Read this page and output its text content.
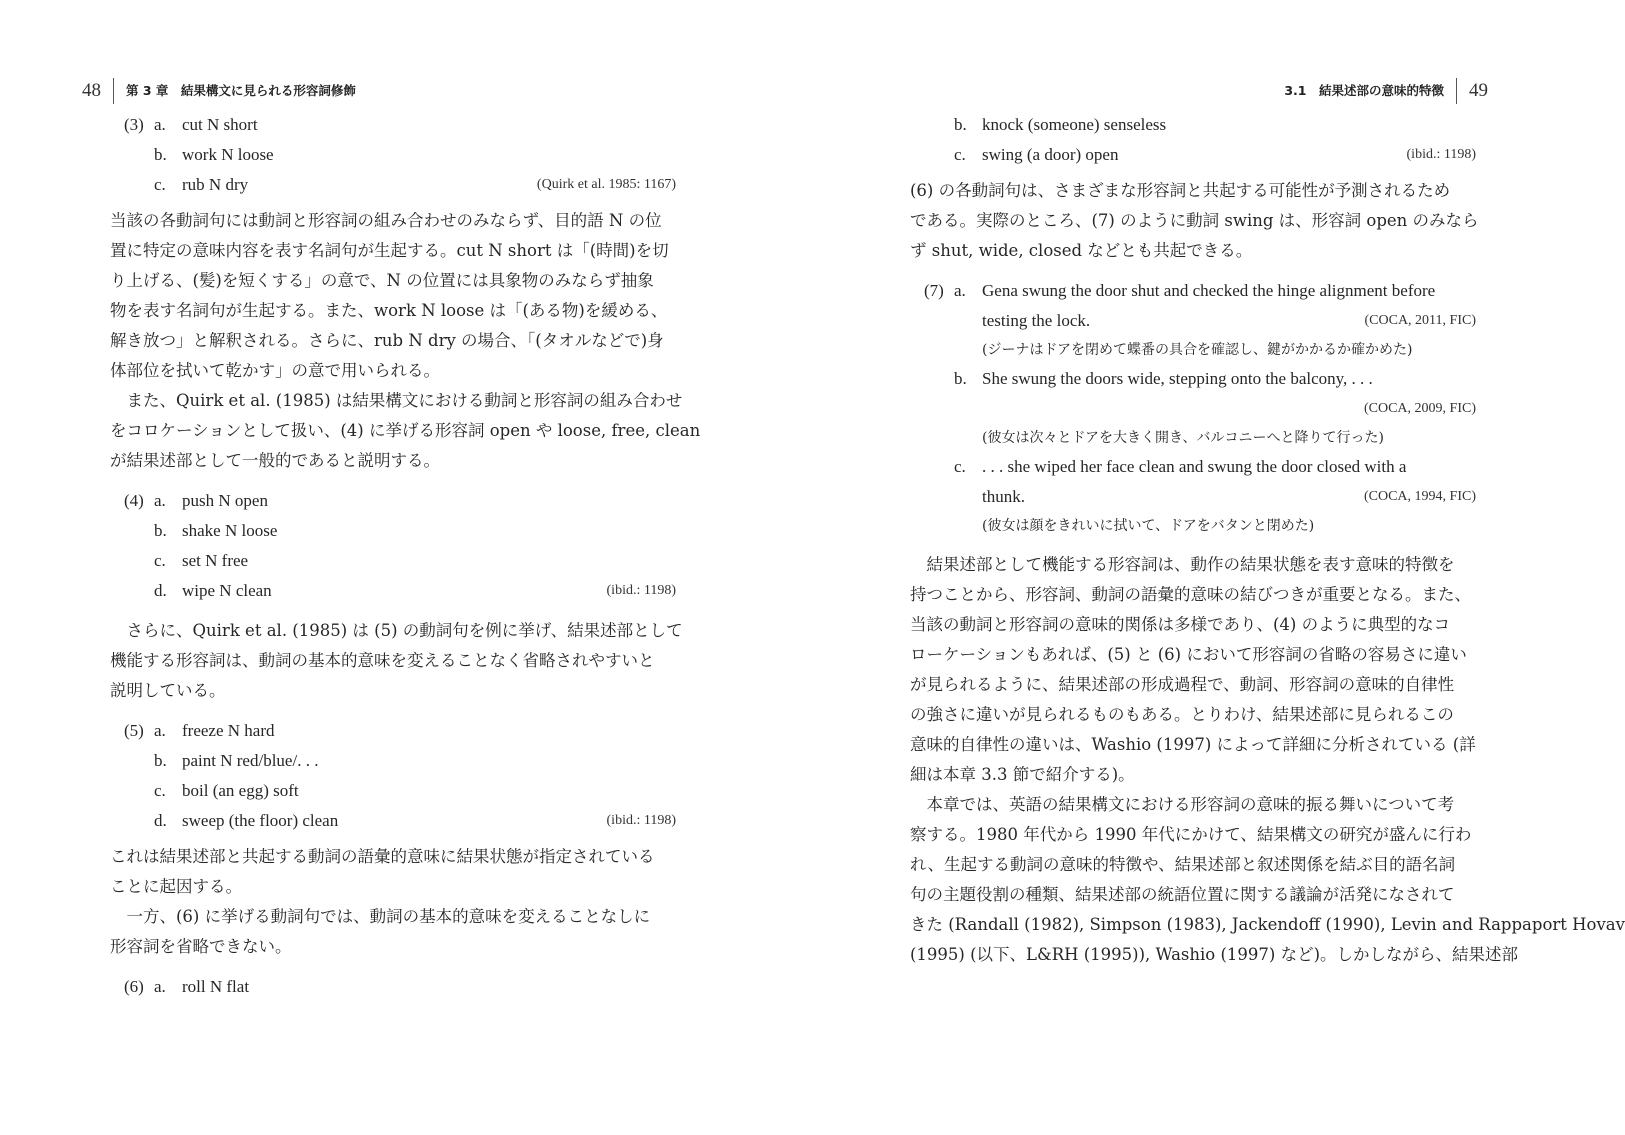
48 第 3 章　結果構文に見られる形容詞修飾
(3) a. cut N short
b. work N loose
c. rub N dry	(Quirk et al. 1985: 1167)

当該の各動詞句には動詞と形容詞の組み合わせのみならず、目的語 N の位

置に特定の意味内容を表す名詞句が生起する。cut N short は「(時間)を切

り上げる、(髪)を短くする」の意で、N の位置には具象物のみならず抽象

物を表す名詞句が生起する。また、work N loose は「(ある物)を緩める、

解き放つ」と解釈される。さらに、rub N dry の場合、「(タオルなどで)身

体部位を拭いて乾かす」の意で用いられる。

　また、Quirk et al. (1985) は結果構文における動詞と形容詞の組み合わせ

をコロケーションとして扱い、(4) に挙げる形容詞 open や loose, free, clean

が結果述部として一般的であると説明する。

(4) a. push N open
b. shake N loose
c. set N free
d. wipe N clean	(ibid.: 1198)

　さらに、Quirk et al. (1985) は (5) の動詞句を例に挙げ、結果述部として

機能する形容詞は、動詞の基本的意味を変えることなく省略されやすいと

説明している。

(5) a. freeze N hard
b. paint N red/blue/. . .
c. boil (an egg) soft
d. sweep (the floor) clean	(ibid.: 1198)

これは結果述部と共起する動詞の語彙的意味に結果状態が指定されている

ことに起因する。

　一方、(6) に挙げる動詞句では、動詞の基本的意味を変えることなしに

形容詞を省略できない。

(6) a. roll N flat
3.1　結果述部の意味的特徴 49
b. knock (someone) senseless
c. swing (a door) open	(ibid.: 1198)

(6) の各動詞句は、さまざまな形容詞と共起する可能性が予測されるため

である。実際のところ、(7) のように動詞 swing は、形容詞 open のみなら

ず shut, wide, closed などとも共起できる。

(7) a. Gena swung the door shut and checked the hinge alignment before
testing the lock.	(COCA, 2011, FIC)
(ジーナはドアを閉めて蝶番の具合を確認し、鍵がかかるか確かめた)
b. She swung the doors wide, stepping onto the balcony, . . .
(COCA, 2009, FIC)
(彼女は次々とドアを大きく開き、バルコニーへと降りて行った)
c. . . . she wiped her face clean and swung the door closed with a
thunk.	(COCA, 1994, FIC)
(彼女は顔をきれいに拭いて、ドアをバタンと閉めた)

　結果述部として機能する形容詞は、動作の結果状態を表す意味的特徴を

持つことから、形容詞、動詞の語彙的意味の結びつきが重要となる。また、

当該の動詞と形容詞の意味的関係は多様であり、(4) のように典型的なコ

ローケーションもあれば、(5) と (6) において形容詞の省略の容易さに違い

が見られるように、結果述部の形成過程で、動詞、形容詞の意味的自律性

の強さに違いが見られるものもある。とりわけ、結果述部に見られるこの

意味的自律性の違いは、Washio (1997) によって詳細に分析されている (詳

細は本章 3.3 節で紹介する)。

　本章では、英語の結果構文における形容詞の意味的振る舞いについて考

察する。1980 年代から 1990 年代にかけて、結果構文の研究が盛んに行わ

れ、生起する動詞の意味的特徴や、結果述部と叙述関係を結ぶ目的語名詞

句の主題役割の種類、結果述部の統語位置に関する議論が活発になされて

きた (Randall (1982), Simpson (1983), Jackendoff (1990), Levin and Rappaport Hovav

(1995) (以下、L&RH (1995)), Washio (1997) など)。しかしながら、結果述部
